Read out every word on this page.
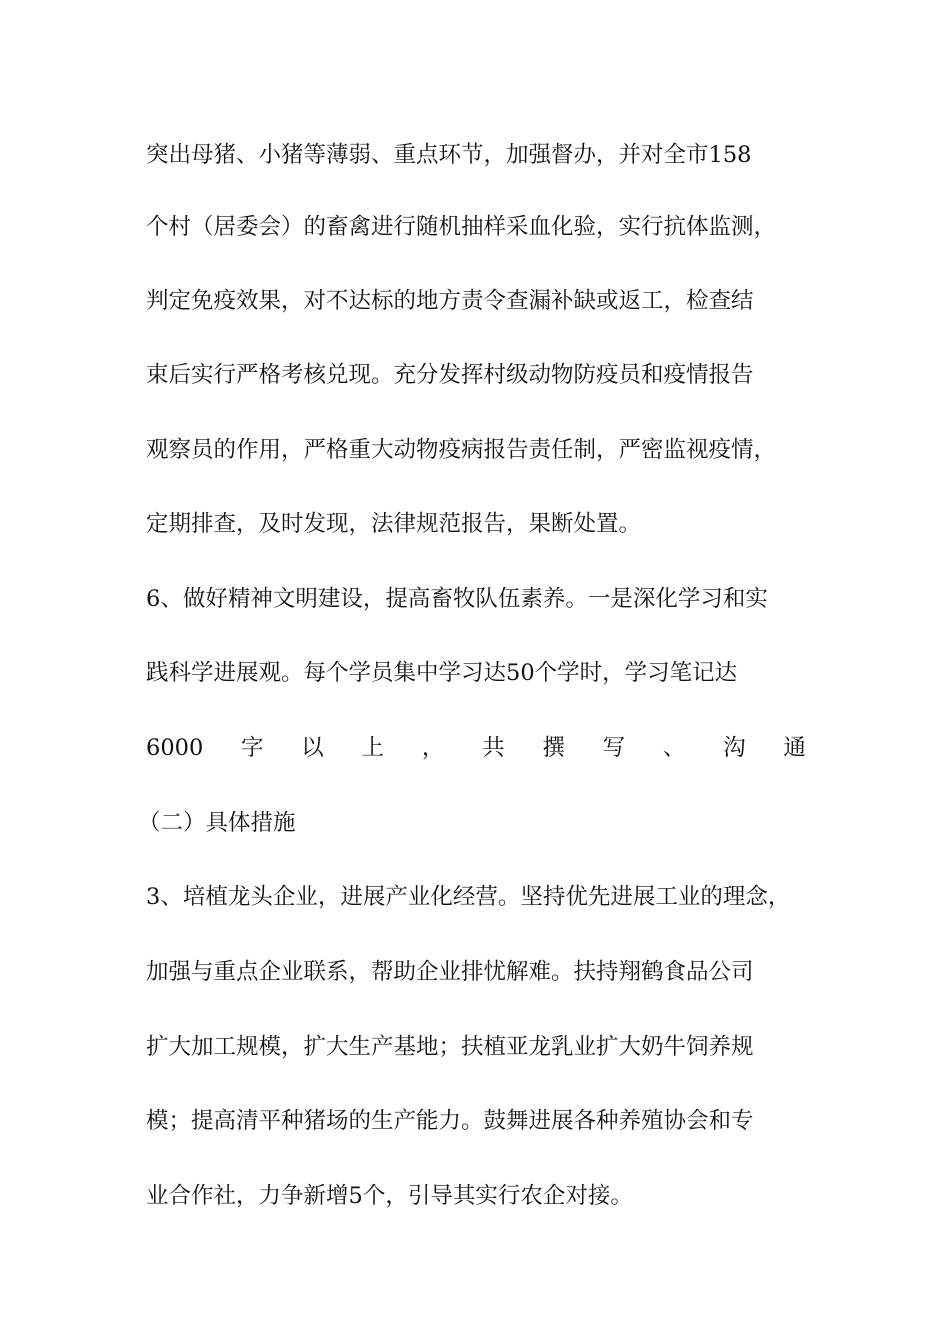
突出母猪、小猪等薄弱、重点环节，加强督办，并对全市158
个村（居委会）的畜禽进行随机抽样采血化验，实行抗体监测，
判定免疫效果，对不达标的地方责令查漏补缺或返工，检查结
束后实行严格考核兑现。充分发挥村级动物防疫员和疫情报告
观察员的作用，严格重大动物疫病报告责任制，严密监视疫情，
定期排查，及时发现，法律规范报告，果断处置。
6、做好精神文明建设，提高畜牧队伍素养。一是深化学习和实
践科学进展观。每个学员集中学习达50个学时，学习笔记达
6000 字 以 上 ， 共 撰 写 、 沟 通
（二）具体措施
3、培植龙头企业，进展产业化经营。坚持优先进展工业的理念，
加强与重点企业联系，帮助企业排忧解难。扶持翔鹤食品公司
扩大加工规模，扩大生产基地；扶植亚龙乳业扩大奶牛饲养规
模；提高清平种猪场的生产能力。鼓舞进展各种养殖协会和专
业合作社，力争新增5个，引导其实行农企对接。
